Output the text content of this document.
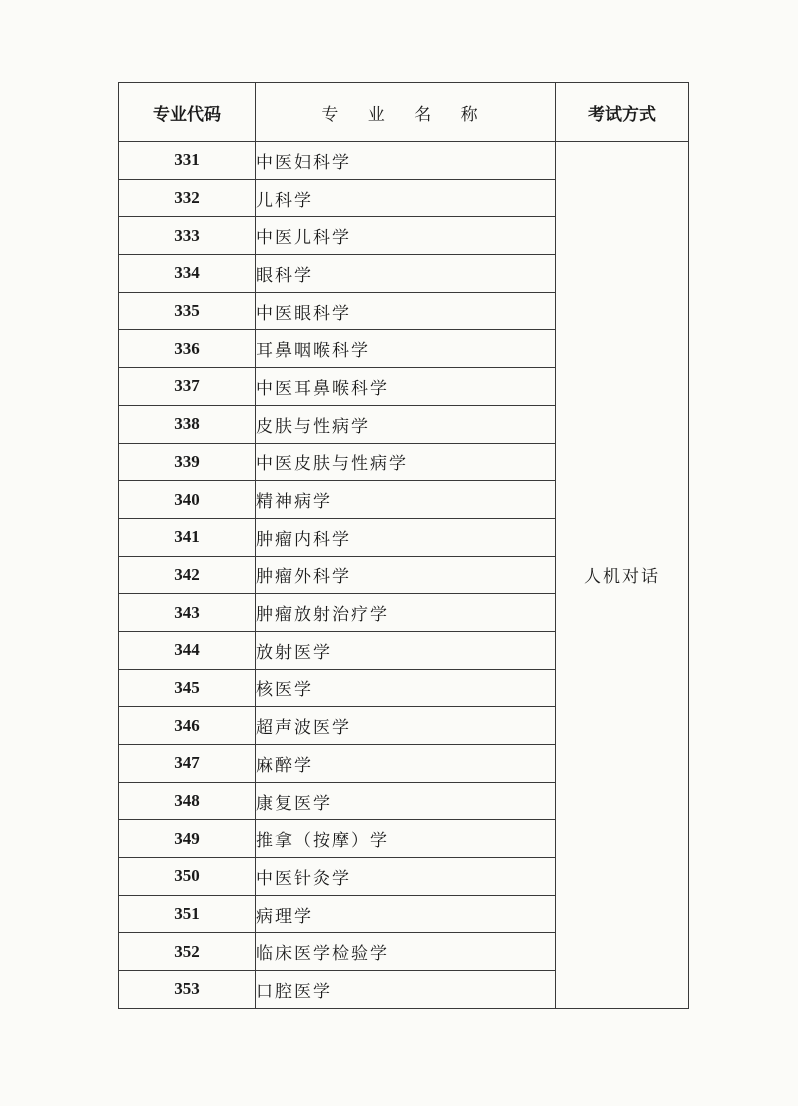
专业代码	专 业 名 称	考试方式
331	中医妇科学	人机对话
332	儿科学	
333	中医儿科学	
334	眼科学	
335	中医眼科学	
336	耳鼻咽喉科学	
337	中医耳鼻喉科学	
338	皮肤与性病学	
339	中医皮肤与性病学	
340	精神病学	
341	肿瘤内科学	
342	肿瘤外科学	
343	肿瘤放射治疗学	
344	放射医学	
345	核医学	
346	超声波医学	
347	麻醉学	
348	康复医学	
349	推拿（按摩）学	
350	中医针灸学	
351	病理学	
352	临床医学检验学	
353	口腔医学	
